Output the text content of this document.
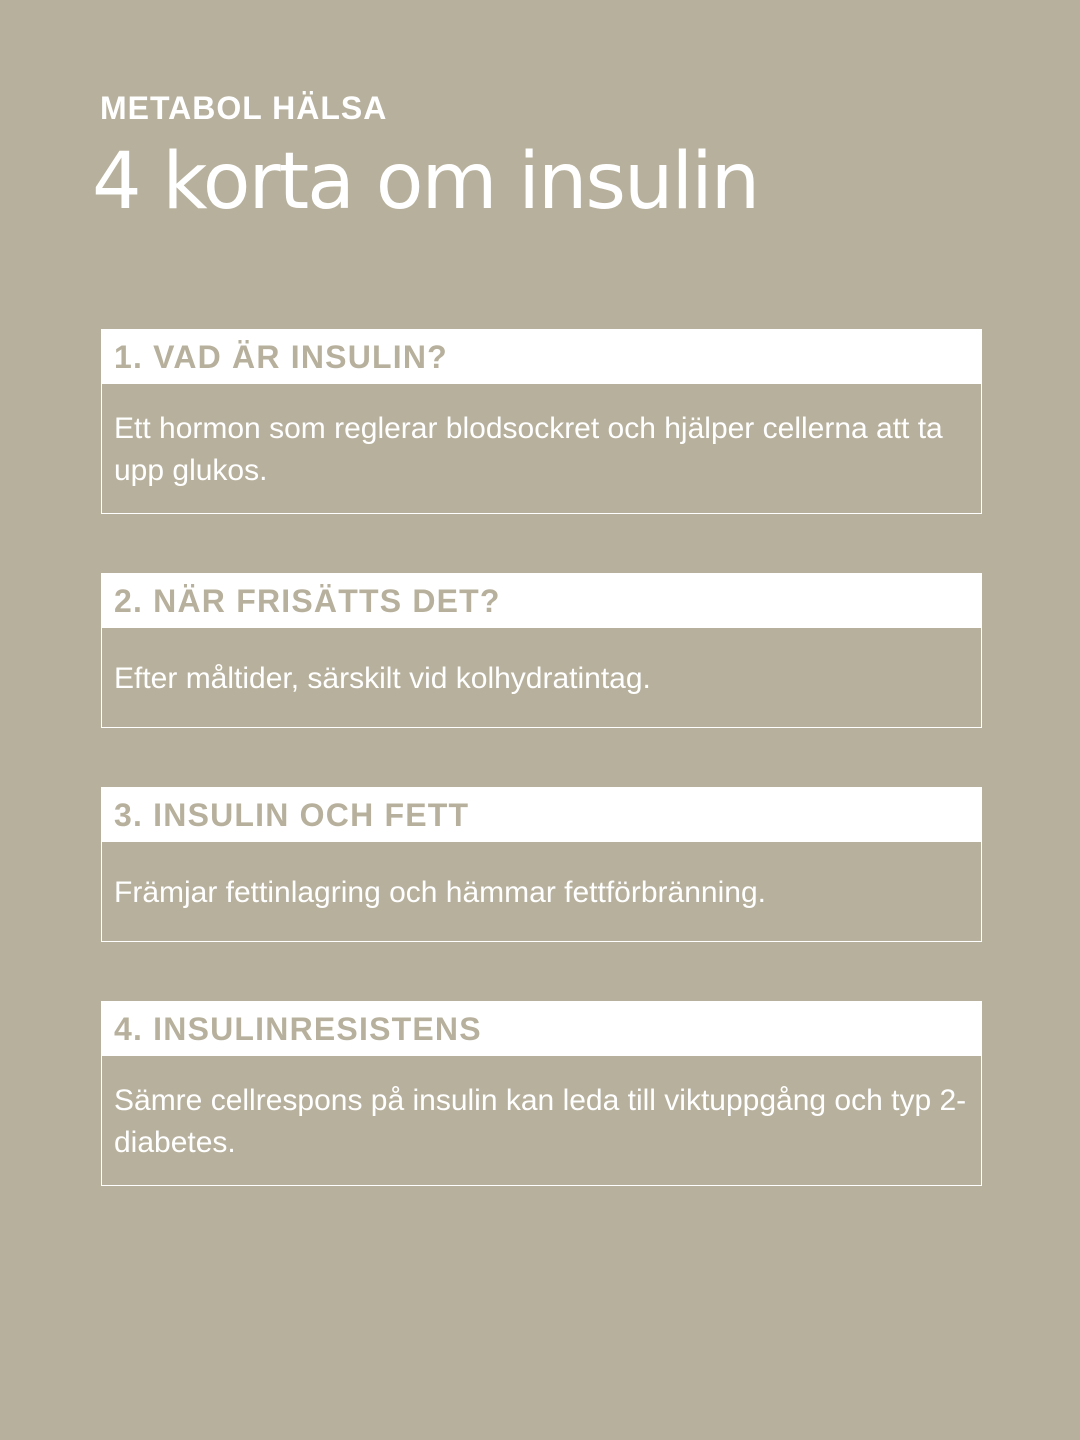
METABOL HÄLSA
4 korta om insulin
1. VAD ÄR INSULIN?

Ett hormon som reglerar blodsockret och hjälper cellerna att ta upp glukos.

2. NÄR FRISÄTTS DET?

Efter måltider, särskilt vid kolhydratintag.

3. INSULIN OCH FETT

Främjar fettinlagring och hämmar fettförbränning.

4. INSULINRESISTENS

Sämre cellrespons på insulin kan leda till viktuppgång och typ 2-diabetes.
